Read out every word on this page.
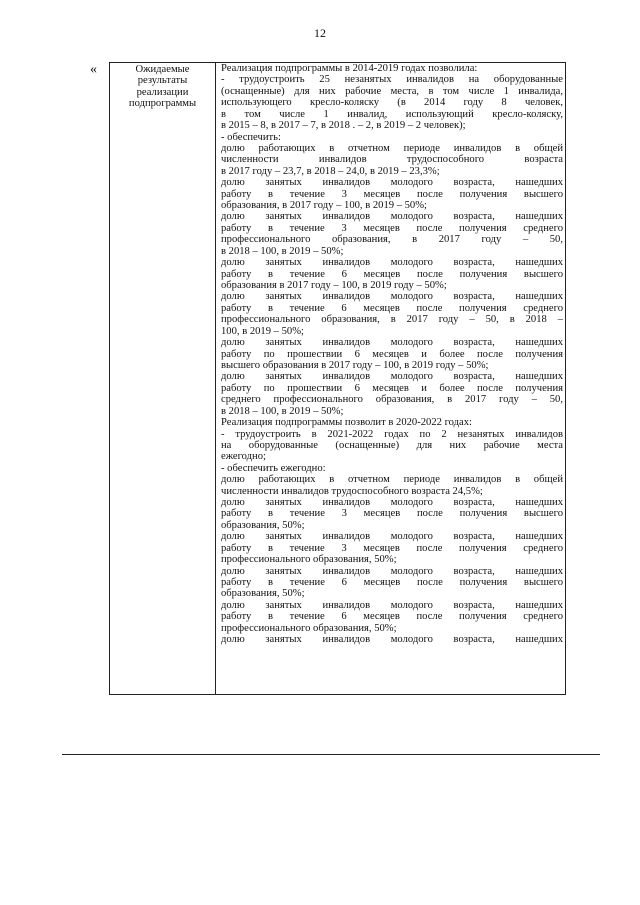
12
«	Ожидаемые
результаты
реализации
подпрограммы
Реализация подпрограммы в 2014-2019 годах позволила:
- трудоустроить 25 незанятых инвалидов на оборудованные
(оснащенные) для них рабочие места, в том числе 1 инвалида,
использующего кресло-коляску (в 2014 году 8 человек,
в том числе 1 инвалид, использующий кресло-коляску,
в 2015 – 8, в 2017 – 7, в 2018 . – 2, в 2019 – 2 человек);
- обеспечить:
долю работающих в отчетном периоде инвалидов в общей
численности инвалидов трудоспособного возраста
в 2017 году – 23,7, в 2018 – 24,0, в 2019 – 23,3%;
долю занятых инвалидов молодого возраста, нашедших
работу в течение 3 месяцев после получения высшего
образования, в 2017 году – 100, в 2019 – 50%;
долю занятых инвалидов молодого возраста, нашедших
работу в течение 3 месяцев после получения среднего
профессионального образования, в 2017 году – 50,
в 2018 – 100, в 2019 – 50%;
долю занятых инвалидов молодого возраста, нашедших
работу в течение 6 месяцев после получения высшего
образования в 2017 году – 100, в 2019 году – 50%;
долю занятых инвалидов молодого возраста, нашедших
работу в течение 6 месяцев после получения среднего
профессионального образования, в 2017 году – 50, в 2018 –
100, в 2019 – 50%;
долю занятых инвалидов молодого возраста, нашедших
работу по прошествии 6 месяцев и более после получения
высшего образования в 2017 году – 100, в 2019 году – 50%;
долю занятых инвалидов молодого возраста, нашедших
работу по прошествии 6 месяцев и более после получения
среднего профессионального образования, в 2017 году – 50,
в 2018 – 100, в 2019 – 50%;
Реализация подпрограммы позволит в 2020-2022 годах:
- трудоустроить в 2021-2022 годах по 2 незанятых инвалидов
на оборудованные (оснащенные) для них рабочие места
ежегодно;
- обеспечить ежегодно:
долю работающих в отчетном периоде инвалидов в общей
численности инвалидов трудоспособного возраста 24,5%;
долю занятых инвалидов молодого возраста, нашедших
работу в течение 3 месяцев после получения высшего
образования, 50%;
долю занятых инвалидов молодого возраста, нашедших
работу в течение 3 месяцев после получения среднего
профессионального образования, 50%;
долю занятых инвалидов молодого возраста, нашедших
работу в течение 6 месяцев после получения высшего
образования, 50%;
долю занятых инвалидов молодого возраста, нашедших
работу в течение 6 месяцев после получения среднего
профессионального образования, 50%;
долю занятых инвалидов молодого возраста, нашедших
